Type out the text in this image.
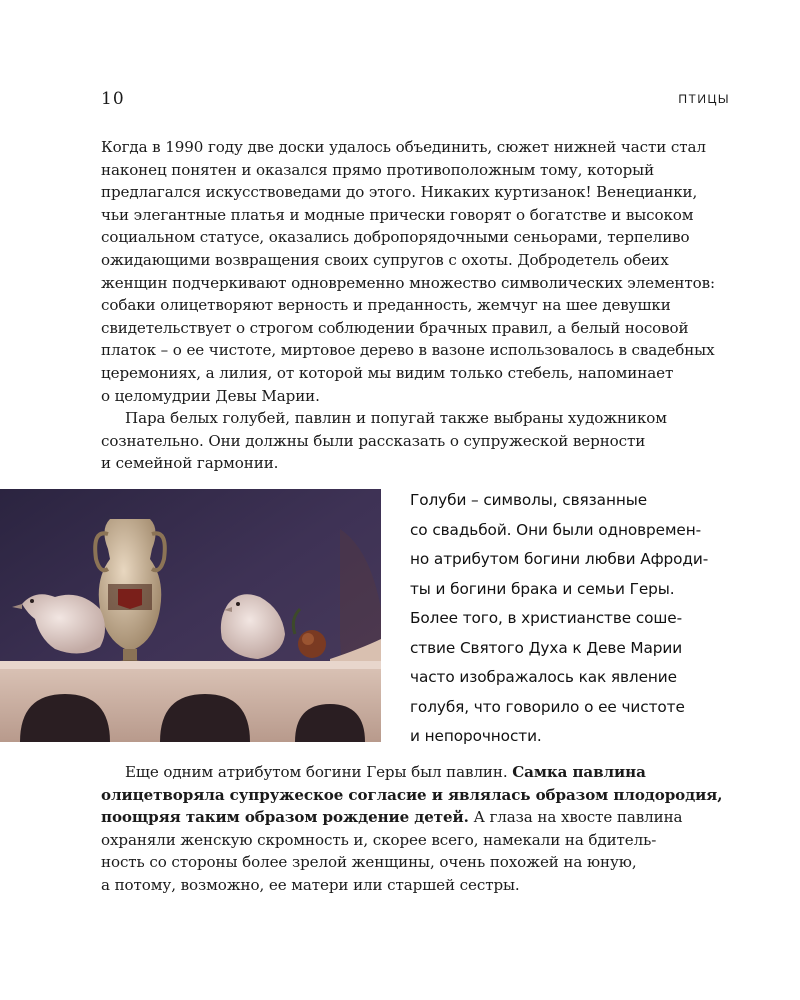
10	ПТИЦЫ

Когда в 1990 году две доски удалось объединить, сюжет нижней части стал
наконец понятен и оказался прямо противоположным тому, который
предлагался искусствоведами до этого. Никаких куртизанок! Венецианки,
чьи элегантные платья и модные прически говорят о богатстве и высоком
социальном статусе, оказались добропорядочными сеньорами, терпеливо
ожидающими возвращения своих супругов с охоты. Добродетель обеих
женщин подчеркивают одновременно множество символических элементов:
собаки олицетворяют верность и преданность, жемчуг на шее девушки
свидетельствует о строгом соблюдении брачных правил, а белый носовой
платок – о ее чистоте, миртовое дерево в вазоне использовалось в свадебных
церемониях, а лилия, от которой мы видим только стебель, напоминает
о целомудрии Девы Марии.

Пара белых голубей, павлин и попугай также выбраны художником
сознательно. Они должны были рассказать о супружеской верности
и семейной гармонии.

Голуби – символы, связанные
со свадьбой. Они были одновремен-
но атрибутом богини любви Афроди-
ты и богини брака и семьи Геры.
Более того, в христианстве соше-
ствие Святого Духа к Деве Марии
часто изображалось как явление
голубя, что говорило о ее чистоте
и непорочности.

Еще одним атрибутом богини Геры был павлин. Самка павлина
олицетворяла супружеское согласие и являлась образом плодородия,
поощряя таким образом рождение детей. А глаза на хвосте павлина
охраняли женскую скромность и, скорее всего, намекали на бдитель-
ность со стороны более зрелой женщины, очень похожей на юную,
а потому, возможно, ее матери или старшей сестры.
